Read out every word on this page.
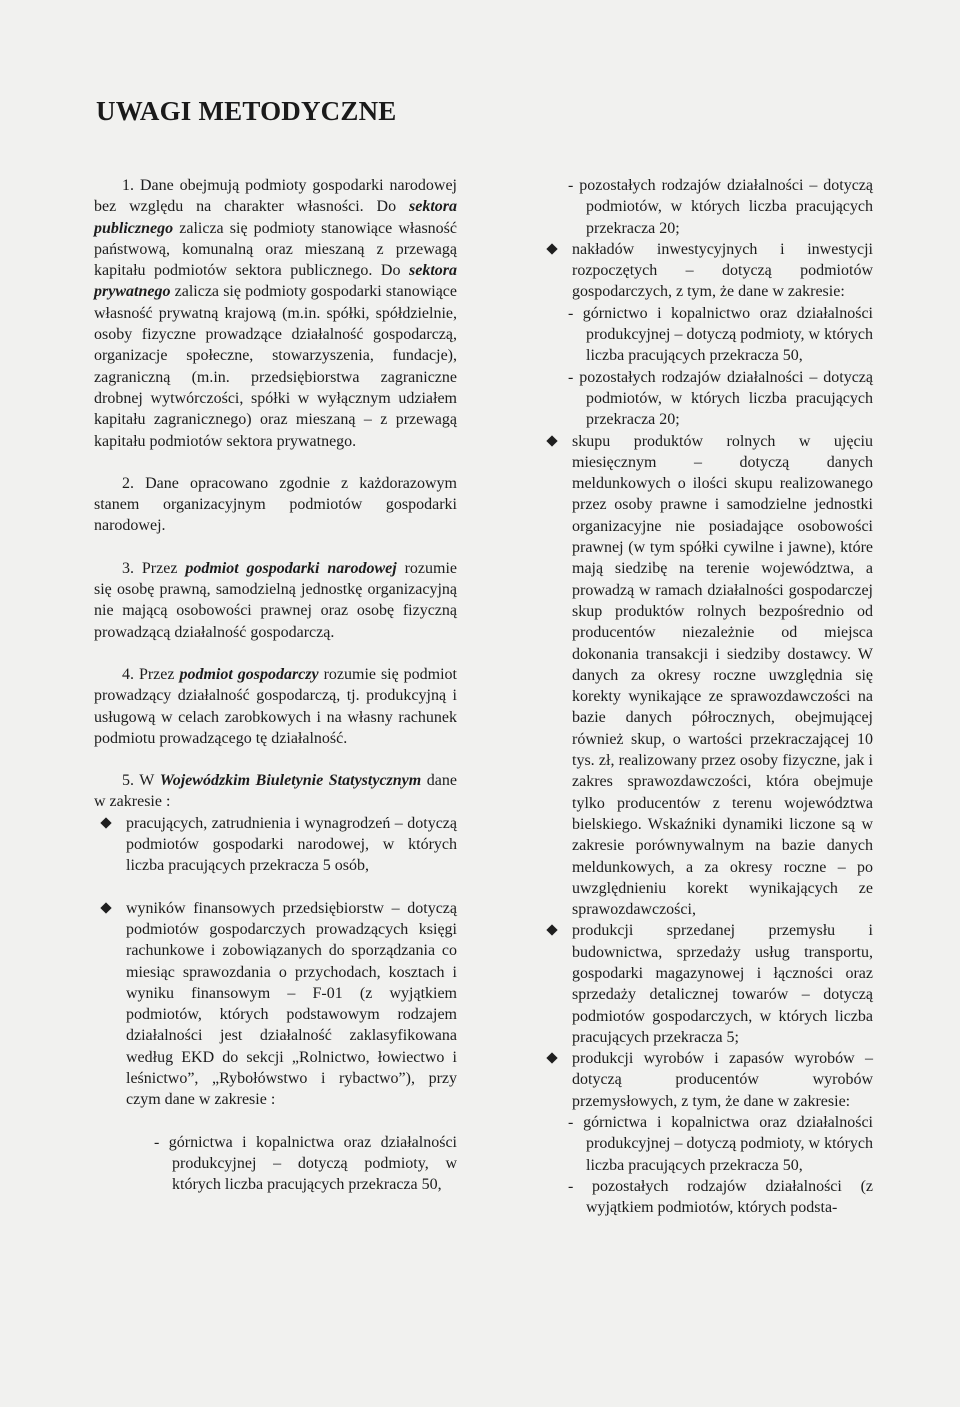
UWAGI METODYCZNE

1. Dane obejmują podmioty gospodarki narodowej bez względu na charakter własności. Do sektora publicznego zalicza się podmioty stanowiące własność państwową, komunalną oraz mieszaną z przewagą kapitału podmiotów sektora publicznego. Do sektora prywatnego zalicza się podmioty gospodarki stanowiące własność prywatną krajową (m.in. spółki, spółdzielnie, osoby fizyczne prowadzące działalność gospodarczą, organizacje społeczne, stowarzyszenia, fundacje), zagraniczną (m.in. przedsiębiorstwa zagraniczne drobnej wytwórczości, spółki w wyłącznym udziałem kapitału zagranicznego) oraz mieszaną – z przewagą kapitału podmiotów sektora prywatnego.

2. Dane opracowano zgodnie z każdorazowym stanem organizacyjnym podmiotów gospodarki narodowej.

3. Przez podmiot gospodarki narodowej rozumie się osobę prawną, samodzielną jednostkę organizacyjną nie mającą osobowości prawnej oraz osobę fizyczną prowadzącą działalność gospodarczą.

4. Przez podmiot gospodarczy rozumie się podmiot prowadzący działalność gospodarczą, tj. produkcyjną i usługową w celach zarobkowych i na własny rachunek podmiotu prowadzącego tę działalność.

5. W Wojewódzkim Biuletynie Statystycznym dane w zakresie :

pracujących, zatrudnienia i wynagrodzeń – dotyczą podmiotów gospodarki narodowej, w których liczba pracujących przekracza 5 osób,
wyników finansowych przedsiębiorstw – dotyczą podmiotów gospodarczych prowadzących księgi rachunkowe i zobowiązanych do sporządzania co miesiąc sprawozdania o przychodach, kosztach i wyniku finansowym – F-01 (z wyjątkiem podmiotów, których podstawowym rodzajem działalności jest działalność zaklasyfikowana według EKD do sekcji „Rolnictwo, łowiectwo i leśnictwo”, „Rybołówstwo i rybactwo”), przy czym dane w zakresie :

- górnictwa i kopalnictwa oraz działalności produkcyjnej – dotyczą podmioty, w których liczba pracujących przekracza 50,

- pozostałych rodzajów działalności – dotyczą podmiotów, w których liczba pracujących przekracza 20;

nakładów inwestycyjnych i inwestycji rozpoczętych – dotyczą podmiotów gospodarczych, z tym, że dane w zakresie:

- górnictwo i kopalnictwo oraz działalności produkcyjnej – dotyczą podmioty, w których liczba pracujących przekracza 50,

- pozostałych rodzajów działalności – dotyczą podmiotów, w których liczba pracujących przekracza 20;

skupu produktów rolnych w ujęciu miesięcznym – dotyczą danych meldunkowych o ilości skupu realizowanego przez osoby prawne i samodzielne jednostki organizacyjne nie posiadające osobowości prawnej (w tym spółki cywilne i jawne), które mają siedzibę na terenie województwa, a prowadzą w ramach działalności gospodarczej skup produktów rolnych bezpośrednio od producentów niezależnie od miejsca dokonania transakcji i siedziby dostawcy. W danych za okresy roczne uwzględnia się korekty wynikające ze sprawozdawczości na bazie danych półrocznych, obejmującej również skup, o wartości przekraczającej 10 tys. zł, realizowany przez osoby fizyczne, jak i zakres sprawozdawczości, która obejmuje tylko producentów z terenu województwa bielskiego. Wskaźniki dynamiki liczone są w zakresie porównywalnym na bazie danych meldunkowych, a za okresy roczne – po uwzględnieniu korekt wynikających ze sprawozdawczości,
produkcji sprzedanej przemysłu i budownictwa, sprzedaży usług transportu, gospodarki magazynowej i łączności oraz sprzedaży detalicznej towarów – dotyczą podmiotów gospodarczych, w których liczba pracujących przekracza 5;
produkcji wyrobów i zapasów wyrobów – dotyczą producentów wyrobów przemysłowych, z tym, że dane w zakresie:

- górnictwa i kopalnictwa oraz działalności produkcyjnej – dotyczą podmioty, w których liczba pracujących przekracza 50,

- pozostałych rodzajów działalności (z wyjątkiem podmiotów, których podsta-
